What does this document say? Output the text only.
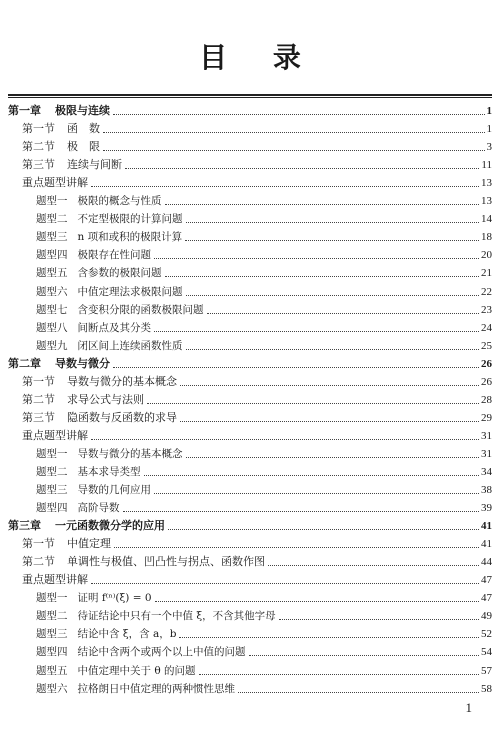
目 录
第一章 极限与连续	1
第一节 函　数	1
第二节 极　限	3
第三节 连续与间断	11
重点题型讲解	13
题型一 极限的概念与性质	13
题型二 不定型极限的计算问题	14
题型三 n 项和或积的极限计算	18
题型四 极限存在性问题	20
题型五 含参数的极限问题	21
题型六 中值定理法求极限问题	22
题型七 含变积分限的函数极限问题	23
题型八 间断点及其分类	24
题型九 闭区间上连续函数性质	25
第二章 导数与微分	26
第一节 导数与微分的基本概念	26
第二节 求导公式与法则	28
第三节 隐函数与反函数的求导	29
重点题型讲解	31
题型一 导数与微分的基本概念	31
题型二 基本求导类型	34
题型三 导数的几何应用	38
题型四 高阶导数	39
第三章 一元函数微分学的应用	41
第一节 中值定理	41
第二节 单调性与极值、凹凸性与拐点、函数作图	44
重点题型讲解	47
题型一 证明 f⁽ⁿ⁾(ξ) = 0	47
题型二 待证结论中只有一个中值 ξ，不含其他字母	49
题型三 结论中含 ξ，含 a，b	52
题型四 结论中含两个或两个以上中值的问题	54
题型五 中值定理中关于 θ 的问题	57
题型六 拉格朗日中值定理的两种惯性思维	58
1
